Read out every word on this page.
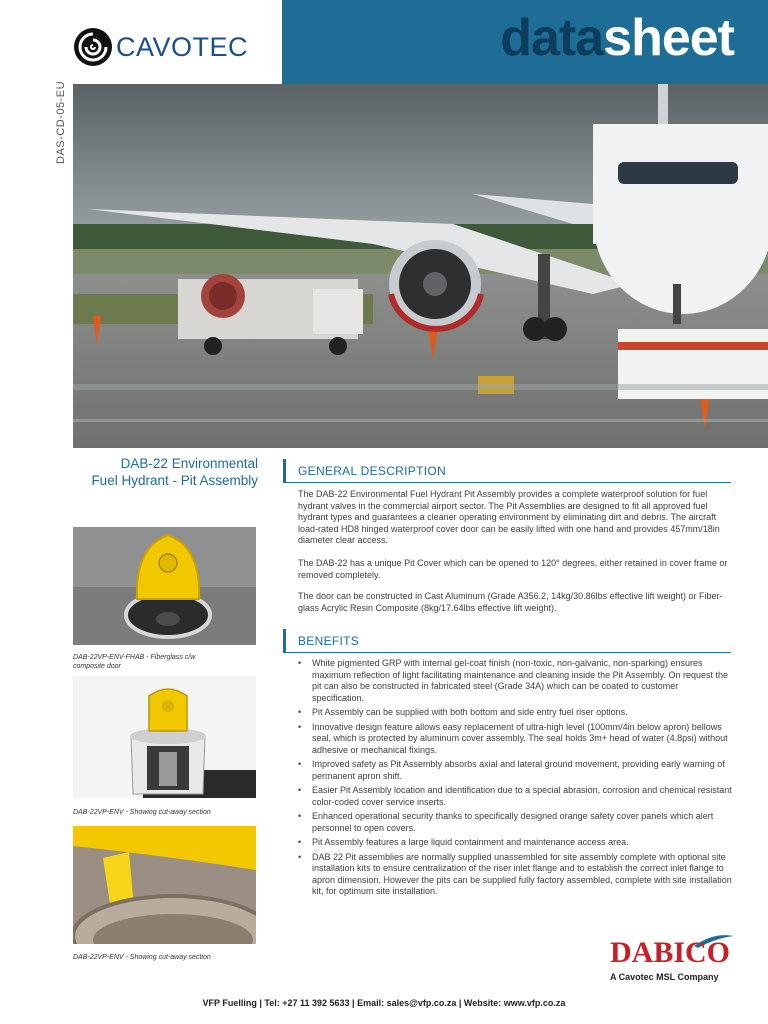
CAVOTEC	datasheet
DAS-CD-05-EU
DAB-22 Environmental
Fuel Hydrant - Pit Assembly
DAB-22VP-ENV-FHAB - Fiberglass c/w
composite door
DAB-22VP-ENV - Showing cut-away section
DAB-22VP-ENV - Showing cut-away section
GENERAL DESCRIPTION
The DAB-22 Environmental Fuel Hydrant Pit Assembly provides a complete waterproof solution for fuel hydrant valves in the commercial airport sector. The Pit Assemblies are designed to fit all approved fuel hydrant types and guarantees a cleaner operating environment by eliminating dirt and debris. The aircraft load-rated HD8 hinged waterproof cover door can be easily lifted with one hand and provides 457mm/18in diameter clear access.
The DAB-22 has a unique Pit Cover which can be opened to 120° degrees, either retained in cover frame or removed completely.
The door can be constructed in Cast Aluminum (Grade A356.2, 14kg/30.86lbs effective lift weight) or Fiber-glass Acrylic Resin Composite (8kg/17.64lbs effective lift weight).
BENEFITS
• White pigmented GRP with internal gel-coat finish (non-toxic, non-galvanic, non-sparking) ensures maximum reflection of light facilitating maintenance and cleaning inside the Pit Assembly. On request the pit can also be constructed in fabricated steel (Grade 34A) which can be coated to customer specification.
• Pit Assembly can be supplied with both bottom and side entry fuel riser options.
• Innovative design feature allows easy replacement of ultra-high level (100mm/4in below apron) bellows seal, which is protected by aluminum cover assembly. The seal holds 3m+ head of water (4.8psi) without adhesive or mechanical fixings.
• Improved safety as Pit Assembly absorbs axial and lateral ground movement, providing early warning of permanent apron shift.
• Easier Pit Assembly location and identification due to a special abrasion, corrosion and chemical resistant color-coded cover service inserts.
• Enhanced operational security thanks to specifically designed orange safety cover panels which alert personnel to open covers.
• Pit Assembly features a large liquid containment and maintenance access area.
• DAB 22 Pit assemblies are normally supplied unassembled for site assembly complete with optional site installation kits to ensure centralization of the riser inlet flange and to establish the correct inlet flange to apron dimension. However the pits can be supplied fully factory assembled, complete with site installation kit, for optimum site installation.
DABICO
A Cavotec MSL Company
VFP Fuelling | Tel: +27 11 392 5633 | Email: sales@vfp.co.za | Website: www.vfp.co.za
